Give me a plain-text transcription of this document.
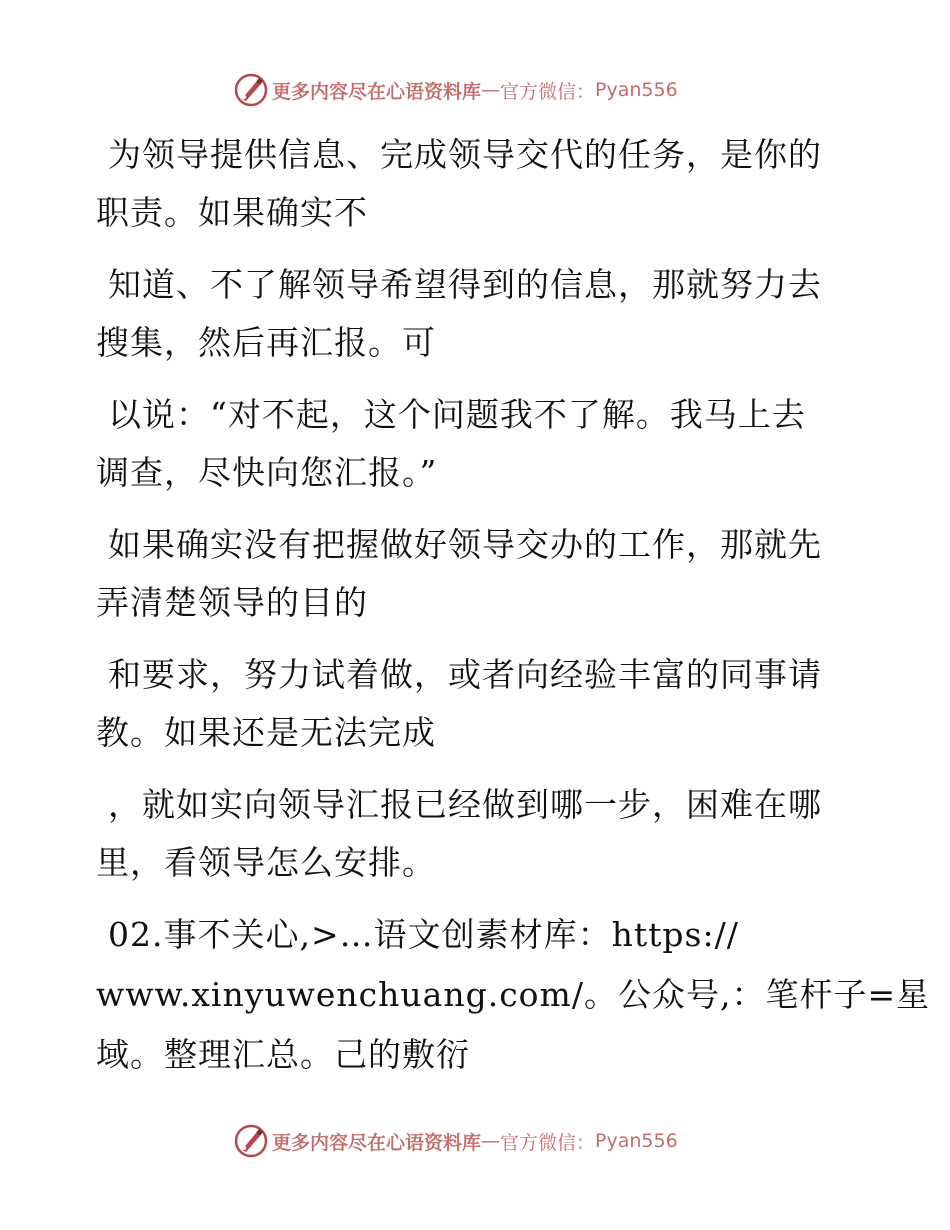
更多内容尽在心语资料库 — 官方微信： Pyan556

为领导提供信息、完成领导交代的任务，是你的
职责。如果确实不

知道、不了解领导希望得到的信息，那就努力去
搜集，然后再汇报。可

以说：“对不起，这个问题我不了解。我马上去
调查，尽快向您汇报。”

如果确实没有把握做好领导交办的工作，那就先
弄清楚领导的目的

和要求，努力试着做，或者向经验丰富的同事请
教。如果还是无法完成

，就如实向领导汇报已经做到哪一步，困难在哪
里，看领导怎么安排。

02.事不关心,>…语文创素材库：https://
www.xinyuwenchuang.com/。公众号,：笔杆子=星
域。整理汇总。己的敷衍

更多内容尽在心语资料库 — 官方微信： Pyan556
